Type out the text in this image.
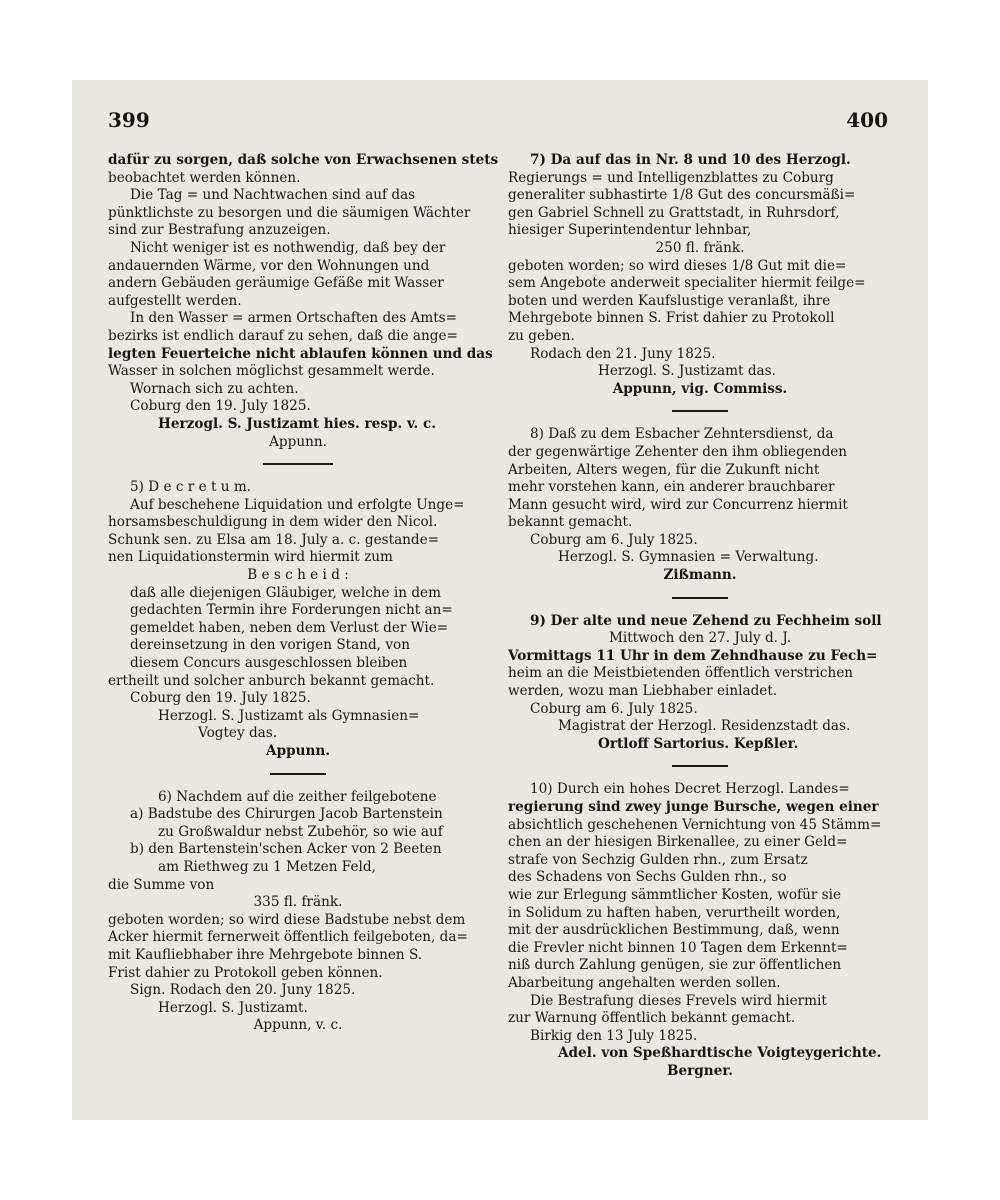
399	400
dafür zu sorgen, daß solche von Erwachsenen stets
beobachtet werden können.
Die Tag = und Nachtwachen sind auf das
pünktlichste zu besorgen und die säumigen Wächter
sind zur Bestrafung anzuzeigen.
Nicht weniger ist es nothwendig, daß bey der
andauernden Wärme, vor den Wohnungen und
andern Gebäuden geräumige Gefäße mit Wasser
aufgestellt werden.
In den Wasser = armen Ortschaften des Amts=
bezirks ist endlich darauf zu sehen, daß die ange=
legten Feuerteiche nicht ablaufen können und das
Wasser in solchen möglichst gesammelt werde.
Wornach sich zu achten.
Coburg den 19. July 1825.
Herzogl. S. Justizamt hies. resp. v. c.
Appunn.
5) D e c r e t u m.
Auf beschehene Liquidation und erfolgte Unge=
horsamsbeschuldigung in dem wider den Nicol.
Schunk sen. zu Elsa am 18. July a. c. gestande=
nen Liquidationstermin wird hiermit zum
B e s c h e i d :
daß alle diejenigen Gläubiger, welche in dem
gedachten Termin ihre Forderungen nicht an=
gemeldet haben, neben dem Verlust der Wie=
dereinsetzung in den vorigen Stand, von
diesem Concurs ausgeschlossen bleiben
ertheilt und solcher anburch bekannt gemacht.
Coburg den 19. July 1825.
Herzogl. S. Justizamt als Gymnasien=
Vogtey das.
Appunn.
6) Nachdem auf die zeither feilgebotene
a) Badstube des Chirurgen Jacob Bartenstein
zu Großwaldur nebst Zubehör, so wie auf
b) den Bartenstein'schen Acker von 2 Beeten
am Riethweg zu 1 Metzen Feld,
die Summe von
335 fl. fränk.
geboten worden; so wird diese Badstube nebst dem
Acker hiermit fernerweit öffentlich feilgeboten, da=
mit Kaufliebhaber ihre Mehrgebote binnen S.
Frist dahier zu Protokoll geben können.
Sign. Rodach den 20. Juny 1825.
Herzogl. S. Justizamt.
Appunn, v. c.
7) Da auf das in Nr. 8 und 10 des Herzogl.
Regierungs = und Intelligenzblattes zu Coburg
generaliter subhastirte 1/8 Gut des concursmäßi=
gen Gabriel Schnell zu Grattstadt, in Ruhrsdorf,
hiesiger Superintendentur lehnbar,
250 fl. fränk.
geboten worden; so wird dieses 1/8 Gut mit die=
sem Angebote anderweit specialiter hiermit feilge=
boten und werden Kaufslustige veranlaßt, ihre
Mehrgebote binnen S. Frist dahier zu Protokoll
zu geben.
Rodach den 21. Juny 1825.
Herzogl. S. Justizamt das.
Appunn, vig. Commiss.
8) Daß zu dem Esbacher Zehntersdienst, da
der gegenwärtige Zehenter den ihm obliegenden
Arbeiten, Alters wegen, für die Zukunft nicht
mehr vorstehen kann, ein anderer brauchbarer
Mann gesucht wird, wird zur Concurrenz hiermit
bekannt gemacht.
Coburg am 6. July 1825.
Herzogl. S. Gymnasien = Verwaltung.
Zißmann.
9) Der alte und neue Zehend zu Fechheim soll
Mittwoch den 27. July d. J.
Vormittags 11 Uhr in dem Zehndhause zu Fech=
heim an die Meistbietenden öffentlich verstrichen
werden, wozu man Liebhaber einladet.
Coburg am 6. July 1825.
Magistrat der Herzogl. Residenzstadt das.
Ortloff Sartorius. Kepßler.
10) Durch ein hohes Decret Herzogl. Landes=
regierung sind zwey junge Bursche, wegen einer
absichtlich geschehenen Vernichtung von 45 Stämm=
chen an der hiesigen Birkenallee, zu einer Geld=
strafe von Sechzig Gulden rhn., zum Ersatz
des Schadens von Sechs Gulden rhn., so
wie zur Erlegung sämmtlicher Kosten, wofür sie
in Solidum zu haften haben, verurtheilt worden,
mit der ausdrücklichen Bestimmung, daß, wenn
die Frevler nicht binnen 10 Tagen dem Erkennt=
niß durch Zahlung genügen, sie zur öffentlichen
Abarbeitung angehalten werden sollen.
Die Bestrafung dieses Frevels wird hiermit
zur Warnung öffentlich bekannt gemacht.
Birkig den 13 July 1825.
Adel. von Speßhardtische Voigteygerichte.
Bergner.
